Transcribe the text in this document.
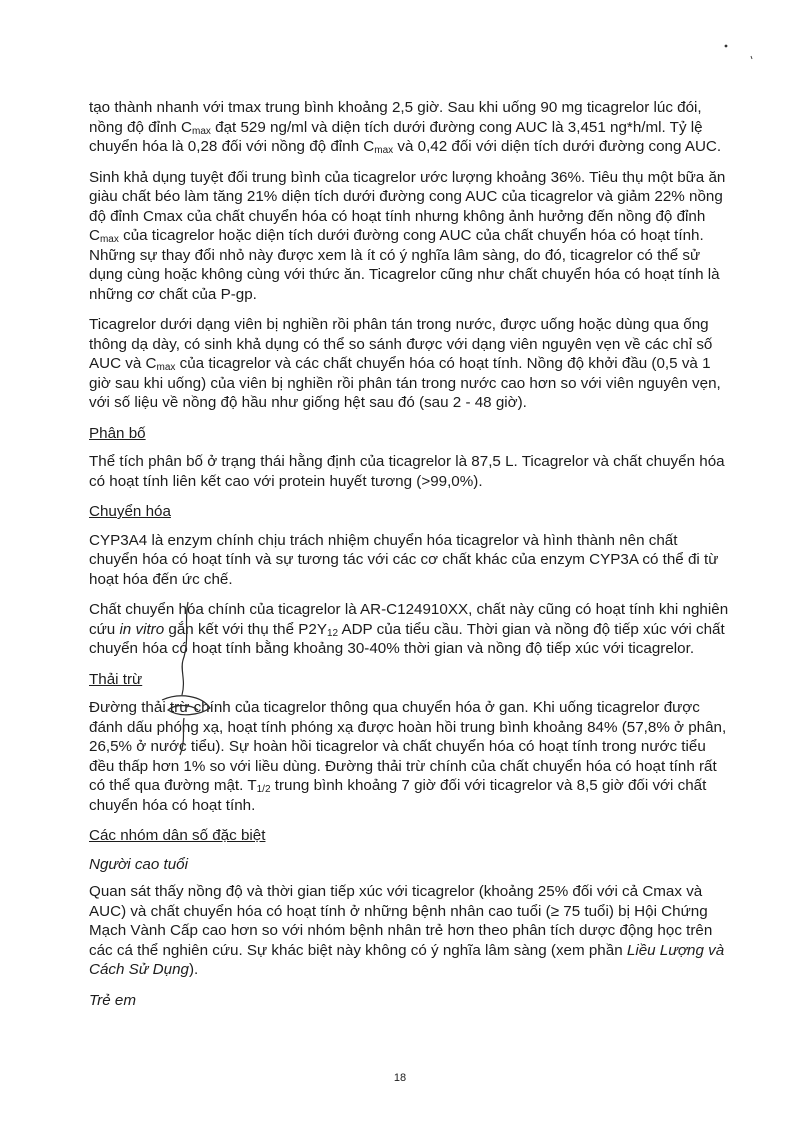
tạo thành nhanh với tmax trung bình khoảng 2,5 giờ. Sau khi uống 90 mg ticagrelor lúc đói, nồng độ đỉnh $C_{max}$ đạt 529 ng/ml và diện tích dưới đường cong AUC là 3,451 ng*h/ml. Tỷ lệ chuyển hóa là 0,28 đối với nồng độ đỉnh $C_{max}$ và 0,42 đối với diện tích dưới đường cong AUC.

Sinh khả dụng tuyệt đối trung bình của ticagrelor ước lượng khoảng 36%. Tiêu thụ một bữa ăn giàu chất béo làm tăng 21% diện tích dưới đường cong AUC của ticagrelor và giảm 22% nồng độ đỉnh Cmax của chất chuyển hóa có hoạt tính nhưng không ảnh hưởng đến nồng độ đỉnh $C_{max}$ của ticagrelor hoặc diện tích dưới đường cong AUC của chất chuyển hóa có hoạt tính. Những sự thay đổi nhỏ này được xem là ít có ý nghĩa lâm sàng, do đó, ticagrelor có thể sử dụng cùng hoặc không cùng với thức ăn. Ticagrelor cũng như chất chuyển hóa có hoạt tính là những cơ chất của P-gp.

Ticagrelor dưới dạng viên bị nghiền rồi phân tán trong nước, được uống hoặc dùng qua ống thông dạ dày, có sinh khả dụng có thể so sánh được với dạng viên nguyên vẹn về các chỉ số AUC và $C_{max}$ của ticagrelor và các chất chuyển hóa có hoạt tính. Nồng độ khởi đầu (0,5 và 1 giờ sau khi uống) của viên bị nghiền rồi phân tán trong nước cao hơn so với viên nguyên vẹn, với số liệu về nồng độ hầu như giống hệt sau đó (sau 2 - 48 giờ).

Phân bố

Thể tích phân bố ở trạng thái hằng định của ticagrelor là 87,5 L. Ticagrelor và chất chuyển hóa có hoạt tính liên kết cao với protein huyết tương (>99,0%).

Chuyển hóa

CYP3A4 là enzym chính chịu trách nhiệm chuyển hóa ticagrelor và hình thành nên chất chuyển hóa có hoạt tính và sự tương tác với các cơ chất khác của enzym CYP3A có thể đi từ hoạt hóa đến ức chế.

Chất chuyển hóa chính của ticagrelor là AR-C124910XX, chất này cũng có hoạt tính khi nghiên cứu in vitro gắn kết với thụ thể $P2Y_{12}$ ADP của tiểu cầu. Thời gian và nồng độ tiếp xúc với chất chuyển hóa có hoạt tính bằng khoảng 30-40% thời gian và nồng độ tiếp xúc với ticagrelor.

Thải trừ

Đường thải trừ chính của ticagrelor thông qua chuyển hóa ở gan. Khi uống ticagrelor được đánh dấu phóng xạ, hoạt tính phóng xạ được hoàn hồi trung bình khoảng 84% (57,8% ở phân, 26,5% ở nước tiểu). Sự hoàn hồi ticagrelor và chất chuyển hóa có hoạt tính trong nước tiểu đều thấp hơn 1% so với liều dùng. Đường thải trừ chính của chất chuyển hóa có hoạt tính rất có thể qua đường mật. $T_{1/2}$ trung bình khoảng 7 giờ đối với ticagrelor và 8,5 giờ đối với chất chuyển hóa có hoạt tính.

Các nhóm dân số đặc biệt
Người cao tuổi

Quan sát thấy nồng độ và thời gian tiếp xúc với ticagrelor (khoảng 25% đối với cả Cmax và AUC) và chất chuyển hóa có hoạt tính ở những bệnh nhân cao tuổi (≥ 75 tuổi) bị Hội Chứng Mạch Vành Cấp cao hơn so với nhóm bệnh nhân trẻ hơn theo phân tích dược động học trên các cá thể nghiên cứu. Sự khác biệt này không có ý nghĩa lâm sàng (xem phần Liều Lượng và Cách Sử Dụng).

Trẻ em
18
